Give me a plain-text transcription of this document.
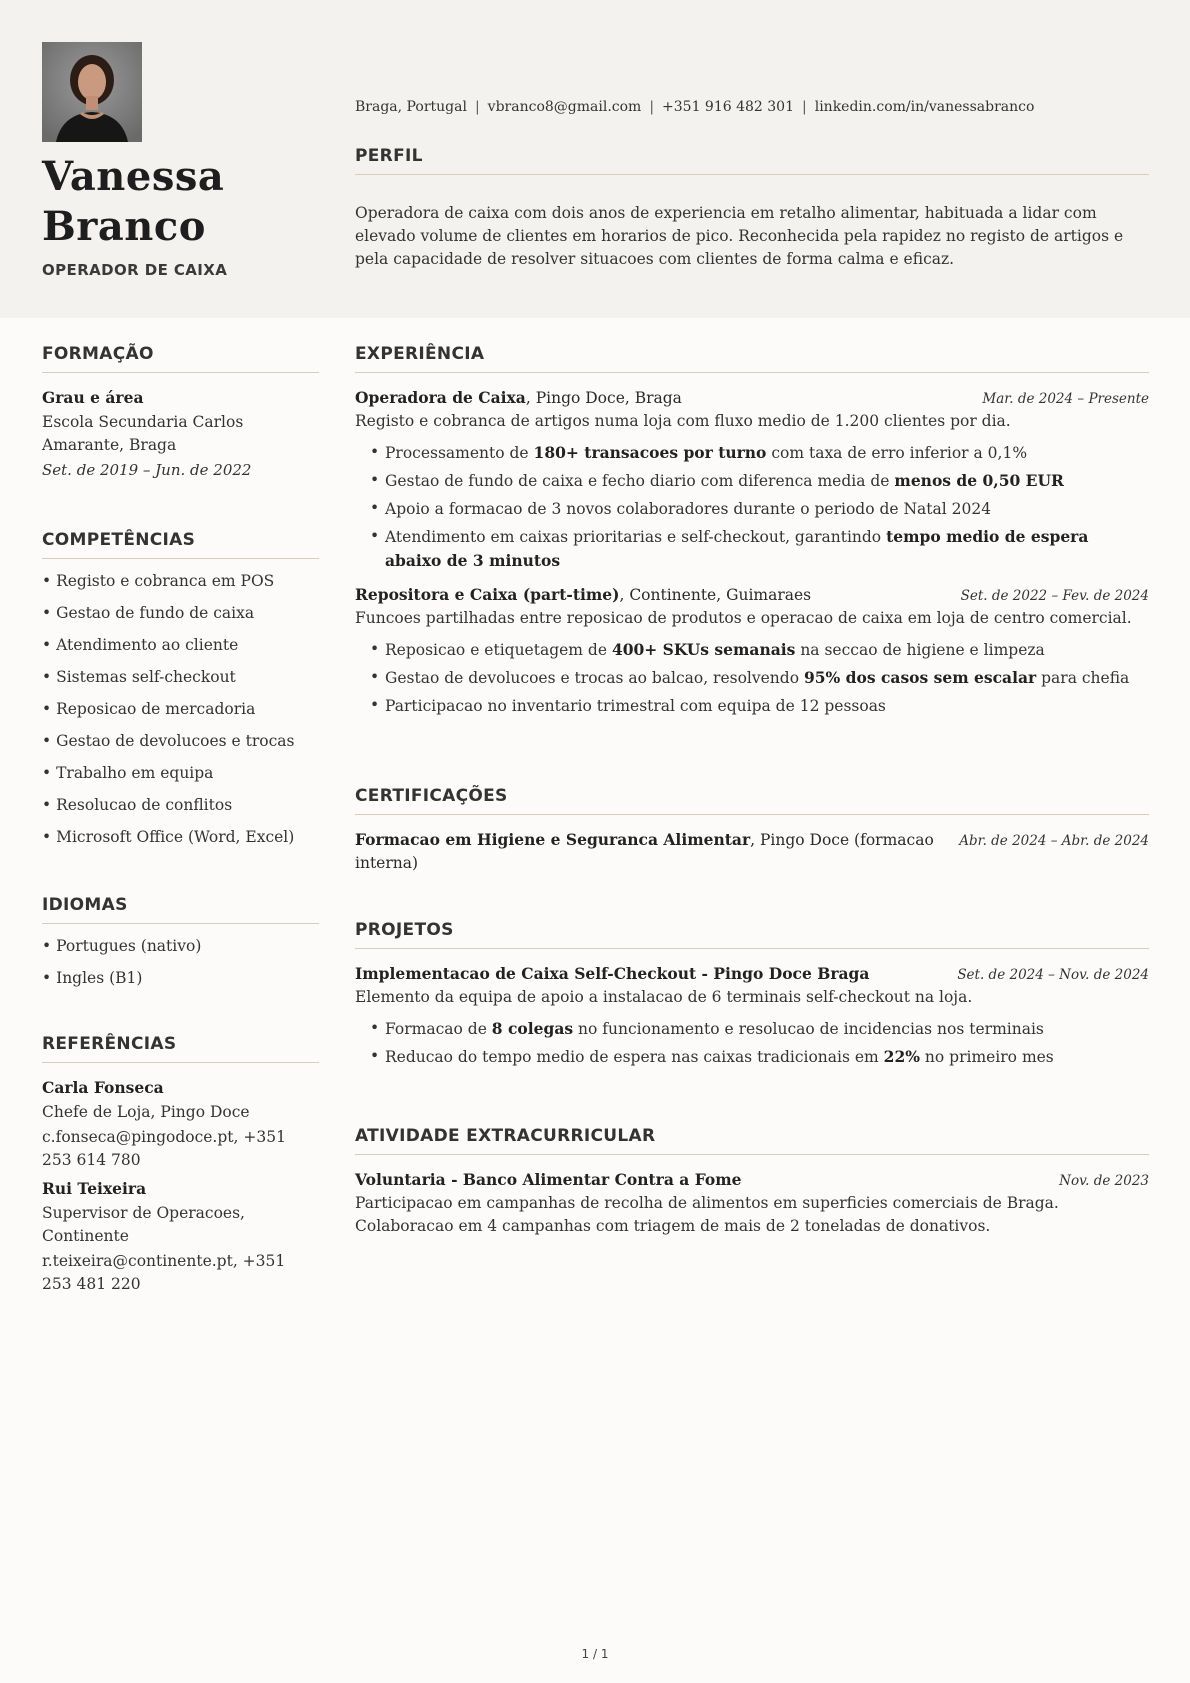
Vanessa
Branco
OPERADOR DE CAIXA
Braga, Portugal | vbranco8@gmail.com | +351 916 482 301 | linkedin.com/in/vanessabranco
PERFIL
Operadora de caixa com dois anos de experiencia em retalho alimentar, habituada a lidar com elevado volume de clientes em horarios de pico. Reconhecida pela rapidez no registo de artigos e pela capacidade de resolver situacoes com clientes de forma calma e eficaz.
FORMAÇÃO
Grau e área
Escola Secundaria Carlos Amarante, Braga
Set. de 2019 – Jun. de 2022
COMPETÊNCIAS
• Registo e cobranca em POS
• Gestao de fundo de caixa
• Atendimento ao cliente
• Sistemas self-checkout
• Reposicao de mercadoria
• Gestao de devolucoes e trocas
• Trabalho em equipa
• Resolucao de conflitos
• Microsoft Office (Word, Excel)
IDIOMAS
• Portugues (nativo)
• Ingles (B1)
REFERÊNCIAS
Carla Fonseca
Chefe de Loja, Pingo Doce
c.fonseca@pingodoce.pt, +351 253 614 780
Rui Teixeira
Supervisor de Operacoes, Continente
r.teixeira@continente.pt, +351 253 481 220
EXPERIÊNCIA
Operadora de Caixa, Pingo Doce, Braga	Mar. de 2024 – Presente
Registo e cobranca de artigos numa loja com fluxo medio de 1.200 clientes por dia.
• Processamento de 180+ transacoes por turno com taxa de erro inferior a 0,1%
• Gestao de fundo de caixa e fecho diario com diferenca media de menos de 0,50 EUR
• Apoio a formacao de 3 novos colaboradores durante o periodo de Natal 2024
• Atendimento em caixas prioritarias e self-checkout, garantindo tempo medio de espera abaixo de 3 minutos
Repositora e Caixa (part-time), Continente, Guimaraes	Set. de 2022 – Fev. de 2024
Funcoes partilhadas entre reposicao de produtos e operacao de caixa em loja de centro comercial.
• Reposicao e etiquetagem de 400+ SKUs semanais na seccao de higiene e limpeza
• Gestao de devolucoes e trocas ao balcao, resolvendo 95% dos casos sem escalar para chefia
• Participacao no inventario trimestral com equipa de 12 pessoas
CERTIFICAÇÕES
Formacao em Higiene e Seguranca Alimentar, Pingo Doce (formacao interna)
Abr. de 2024 – Abr. de 2024
PROJETOS
Implementacao de Caixa Self-Checkout - Pingo Doce Braga	Set. de 2024 – Nov. de 2024
Elemento da equipa de apoio a instalacao de 6 terminais self-checkout na loja.
• Formacao de 8 colegas no funcionamento e resolucao de incidencias nos terminais
• Reducao do tempo medio de espera nas caixas tradicionais em 22% no primeiro mes
ATIVIDADE EXTRACURRICULAR
Voluntaria - Banco Alimentar Contra a Fome	Nov. de 2023
Participacao em campanhas de recolha de alimentos em superficies comerciais de Braga. Colaboracao em 4 campanhas com triagem de mais de 2 toneladas de donativos.
1 / 1
